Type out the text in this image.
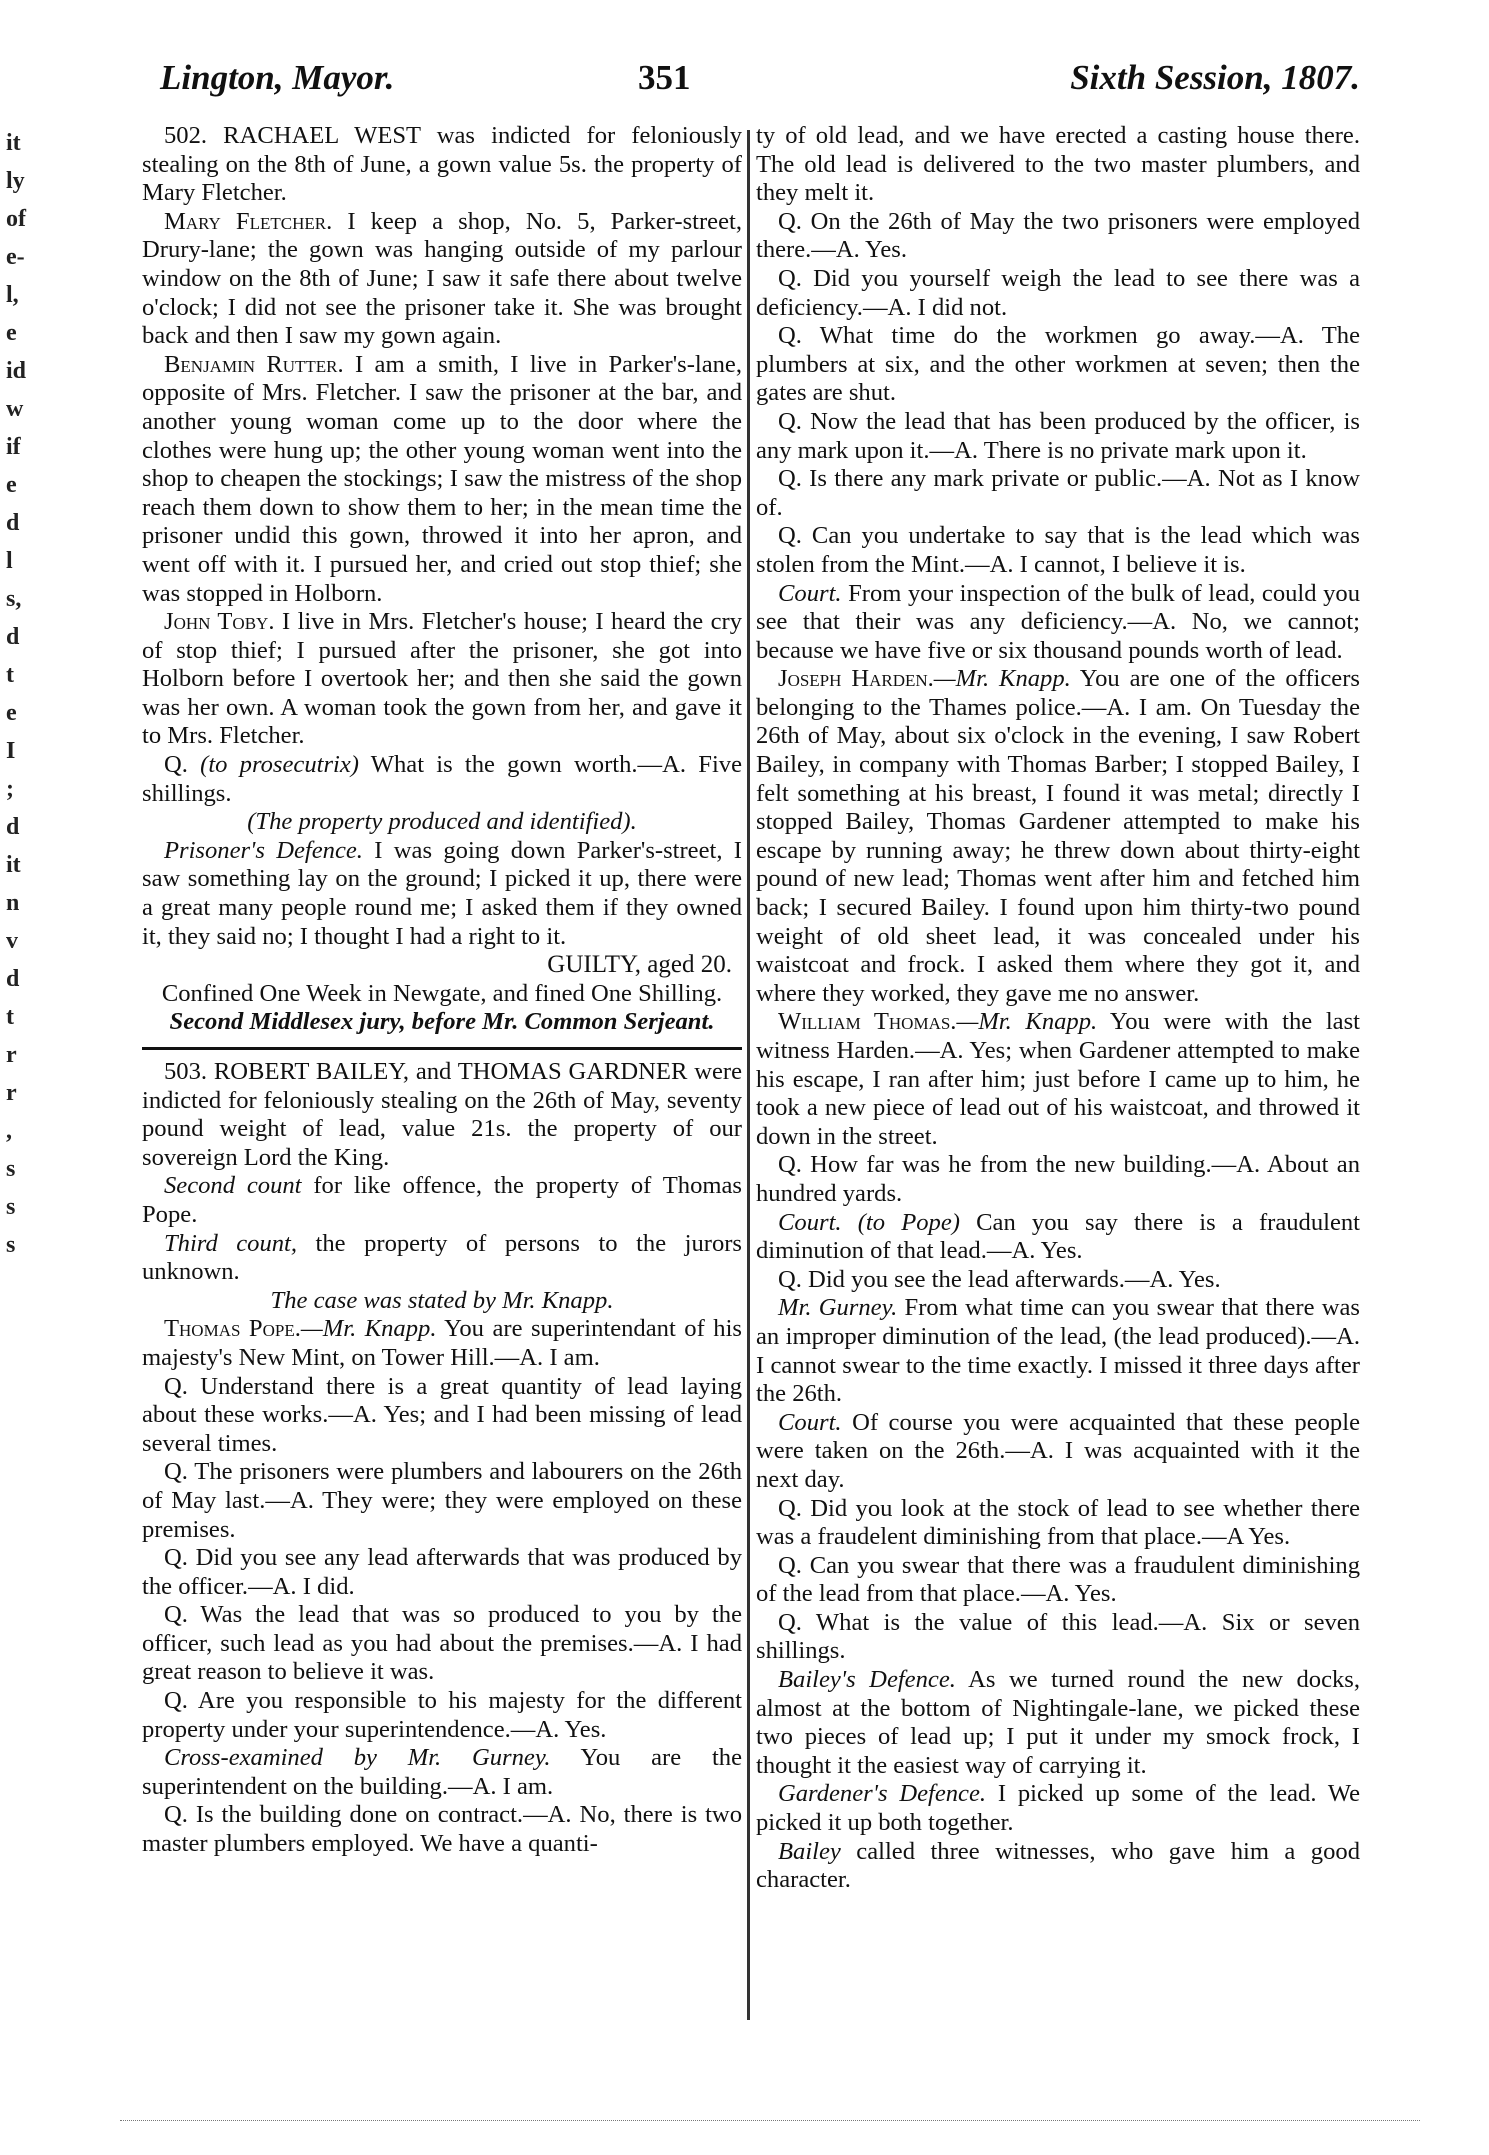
Lington, Mayor.	351	Sixth Session, 1807.
it
ly
of
e-
l,
e
id
w
if
e
d
l
s,
d
t
e
I
;
d
it
n
v
d
t
r
r
,
s
s
s

502. RACHAEL WEST was indicted for feloniously stealing on the 8th of June, a gown value 5s. the property of Mary Fletcher.

Mary Fletcher. I keep a shop, No. 5, Parker-street, Drury-lane; the gown was hanging outside of my parlour window on the 8th of June; I saw it safe there about twelve o'clock; I did not see the prisoner take it. She was brought back and then I saw my gown again.

Benjamin Rutter. I am a smith, I live in Parker's-lane, opposite of Mrs. Fletcher. I saw the prisoner at the bar, and another young woman come up to the door where the clothes were hung up; the other young woman went into the shop to cheapen the stockings; I saw the mistress of the shop reach them down to show them to her; in the mean time the prisoner undid this gown, throwed it into her apron, and went off with it. I pursued her, and cried out stop thief; she was stopped in Holborn.

John Toby. I live in Mrs. Fletcher's house; I heard the cry of stop thief; I pursued after the prisoner, she got into Holborn before I overtook her; and then she said the gown was her own. A woman took the gown from her, and gave it to Mrs. Fletcher.

Q. (to prosecutrix) What is the gown worth.—A. Five shillings.

(The property produced and identified).

Prisoner's Defence. I was going down Parker's-street, I saw something lay on the ground; I picked it up, there were a great many people round me; I asked them if they owned it, they said no; I thought I had a right to it.

GUILTY, aged 20.

Confined One Week in Newgate, and fined One Shilling.

Second Middlesex jury, before Mr. Common Serjeant.

503. ROBERT BAILEY, and THOMAS GARDNER were indicted for feloniously stealing on the 26th of May, seventy pound weight of lead, value 21s. the property of our sovereign Lord the King.

Second count for like offence, the property of Thomas Pope.

Third count, the property of persons to the jurors unknown.

The case was stated by Mr. Knapp.

Thomas Pope.—Mr. Knapp. You are superintendant of his majesty's New Mint, on Tower Hill.—A. I am.

Q. Understand there is a great quantity of lead laying about these works.—A. Yes; and I had been missing of lead several times.

Q. The prisoners were plumbers and labourers on the 26th of May last.—A. They were; they were employed on these premises.

Q. Did you see any lead afterwards that was produced by the officer.—A. I did.

Q. Was the lead that was so produced to you by the officer, such lead as you had about the premises.—A. I had great reason to believe it was.

Q. Are you responsible to his majesty for the different property under your superintendence.—A. Yes.

Cross-examined by Mr. Gurney. You are the superintendent on the building.—A. I am.

Q. Is the building done on contract.—A. No, there is two master plumbers employed. We have a quanti-

ty of old lead, and we have erected a casting house there. The old lead is delivered to the two master plumbers, and they melt it.

Q. On the 26th of May the two prisoners were employed there.—A. Yes.

Q. Did you yourself weigh the lead to see there was a deficiency.—A. I did not.

Q. What time do the workmen go away.—A. The plumbers at six, and the other workmen at seven; then the gates are shut.

Q. Now the lead that has been produced by the officer, is any mark upon it.—A. There is no private mark upon it.

Q. Is there any mark private or public.—A. Not as I know of.

Q. Can you undertake to say that is the lead which was stolen from the Mint.—A. I cannot, I believe it is.

Court. From your inspection of the bulk of lead, could you see that their was any deficiency.—A. No, we cannot; because we have five or six thousand pounds worth of lead.

Joseph Harden.—Mr. Knapp. You are one of the officers belonging to the Thames police.—A. I am. On Tuesday the 26th of May, about six o'clock in the evening, I saw Robert Bailey, in company with Thomas Barber; I stopped Bailey, I felt something at his breast, I found it was metal; directly I stopped Bailey, Thomas Gardener attempted to make his escape by running away; he threw down about thirty-eight pound of new lead; Thomas went after him and fetched him back; I secured Bailey. I found upon him thirty-two pound weight of old sheet lead, it was concealed under his waistcoat and frock. I asked them where they got it, and where they worked, they gave me no answer.

William Thomas.—Mr. Knapp. You were with the last witness Harden.—A. Yes; when Gardener attempted to make his escape, I ran after him; just before I came up to him, he took a new piece of lead out of his waistcoat, and throwed it down in the street.

Q. How far was he from the new building.—A. About an hundred yards.

Court. (to Pope) Can you say there is a fraudulent diminution of that lead.—A. Yes.

Q. Did you see the lead afterwards.—A. Yes.

Mr. Gurney. From what time can you swear that there was an improper diminution of the lead, (the lead produced).—A. I cannot swear to the time exactly. I missed it three days after the 26th.

Court. Of course you were acquainted that these people were taken on the 26th.—A. I was acquainted with it the next day.

Q. Did you look at the stock of lead to see whether there was a fraudelent diminishing from that place.—A Yes.

Q. Can you swear that there was a fraudulent diminishing of the lead from that place.—A. Yes.

Q. What is the value of this lead.—A. Six or seven shillings.

Bailey's Defence. As we turned round the new docks, almost at the bottom of Nightingale-lane, we picked these two pieces of lead up; I put it under my smock frock, I thought it the easiest way of carrying it.

Gardener's Defence. I picked up some of the lead. We picked it up both together.

Bailey called three witnesses, who gave him a good character.
